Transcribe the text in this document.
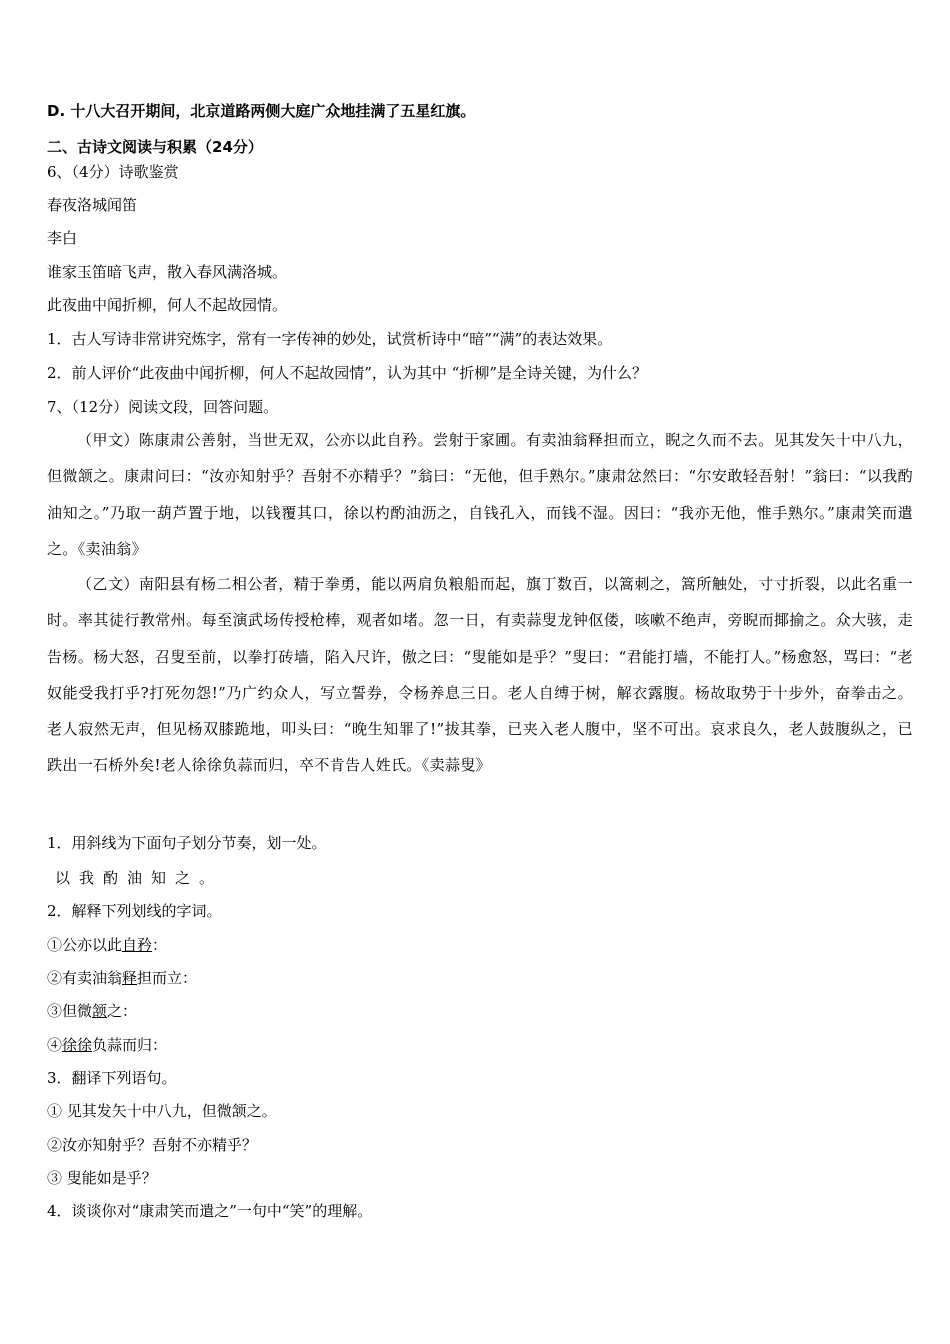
D. 十八大召开期间，北京道路两侧大庭广众地挂满了五星红旗。
二、古诗文阅读与积累（24分）
6、（4分）诗歌鉴赏
春夜洛城闻笛
李白
谁家玉笛暗飞声，散入春风满洛城。
此夜曲中闻折柳，何人不起故园情。
1．古人写诗非常讲究炼字，常有一字传神的妙处，试赏析诗中“暗”“满”的表达效果。
2．前人评价“此夜曲中闻折柳，何人不起故园情”，认为其中 “折柳”是全诗关键，为什么？
7、（12分）阅读文段，回答问题。
（甲文）陈康肃公善射，当世无双，公亦以此自矜。尝射于家圃。有卖油翁释担而立，睨之久而不去。见其发矢十中八九，但微颔之。康肃问曰：“汝亦知射乎？吾射不亦精乎？”翁曰：“无他，但手熟尔。”康肃忿然曰：“尔安敢轻吾射！”翁曰：“以我酌油知之。”乃取一葫芦置于地，以钱覆其口，徐以杓酌油沥之，自钱孔入，而钱不湿。因曰：“我亦无他，惟手熟尔。”康肃笑而遣之。《卖油翁》
（乙文）南阳县有杨二相公者，精于拳勇，能以两肩负粮船而起，旗丁数百，以篙刺之，篙所触处，寸寸折裂，以此名重一时。率其徒行教常州。每至演武场传授枪棒，观者如堵。忽一日，有卖蒜叟龙钟伛偻，咳嗽不绝声，旁睨而揶揄之。众大骇，走告杨。杨大怒，召叟至前，以拳打砖墙，陷入尺许，傲之曰：“叟能如是乎？”叟曰：“君能打墙，不能打人。”杨愈怒，骂曰：“老奴能受我打乎?打死勿怨!”乃广约众人，写立誓券，令杨养息三日。老人自缚于树，解衣露腹。杨故取势于十步外，奋拳击之。老人寂然无声，但见杨双膝跪地，叩头曰：“晚生知罪了!”拔其拳，已夹入老人腹中，坚不可出。哀求良久，老人鼓腹纵之，已跌出一石桥外矣!老人徐徐负蒜而归，卒不肯告人姓氏。《卖蒜叟》
1．用斜线为下面句子划分节奏，划一处。
以我酌油知之。
2．解释下列划线的字词。
①公亦以此自矜：
②有卖油翁释担而立：
③但微颔之：
④徐徐负蒜而归：
3．翻译下列语句。
① 见其发矢十中八九，但微颔之。
②汝亦知射乎？吾射不亦精乎？
③ 叟能如是乎？
4．谈谈你对“康肃笑而遣之”一句中“笑”的理解。
